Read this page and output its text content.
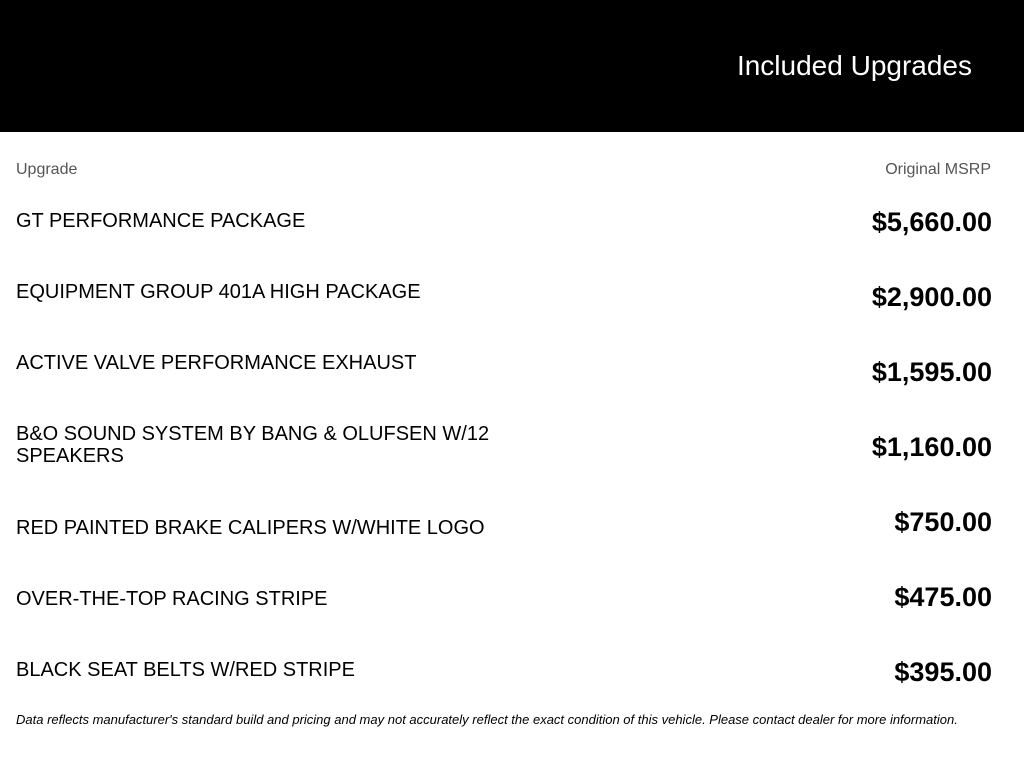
Included Upgrades
Upgrade	Original MSRP
GT PERFORMANCE PACKAGE	$5,660.00
EQUIPMENT GROUP 401A HIGH PACKAGE	$2,900.00
ACTIVE VALVE PERFORMANCE EXHAUST	$1,595.00
B&O SOUND SYSTEM BY BANG & OLUFSEN W/12 SPEAKERS	$1,160.00
RED PAINTED BRAKE CALIPERS W/WHITE LOGO	$750.00
OVER-THE-TOP RACING STRIPE	$475.00
BLACK SEAT BELTS W/RED STRIPE	$395.00
Data reflects manufacturer's standard build and pricing and may not accurately reflect the exact condition of this vehicle. Please contact dealer for more information.
